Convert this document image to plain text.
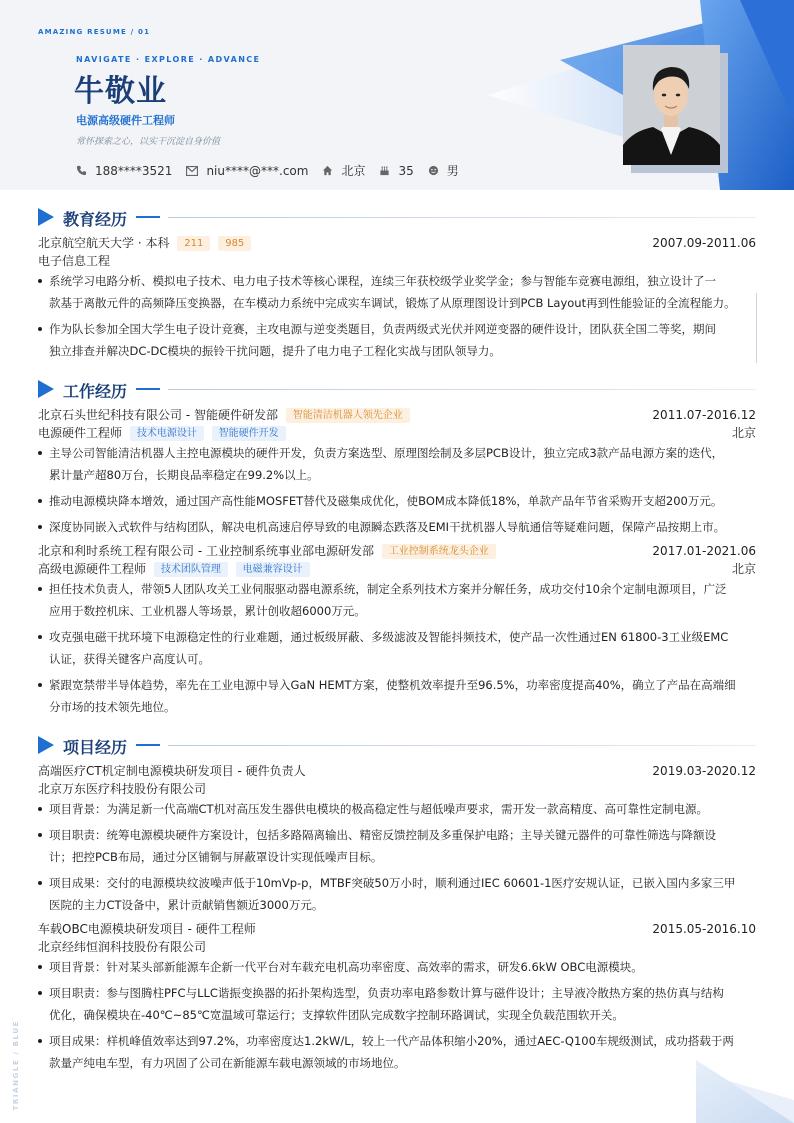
AMAZING RESUME / 01
NAVIGATE · EXPLORE · ADVANCE
牛敬业
电源高级硬件工程师
常怀探索之心，以实干沉淀自身价值
188****3521	niu****@***.com	北京	35	男
教育经历
北京航空航天大学 · 本科 211 985	2007.09-2011.06
电子信息工程
系统学习电路分析、模拟电子技术、电力电子技术等核心课程，连续三年获校级学业奖学金；参与智能车竞赛电源组，独立设计了一
款基于离散元件的高频降压变换器，在车模动力系统中完成实车调试，锻炼了从原理图设计到PCB Layout再到性能验证的全流程能力。
作为队长参加全国大学生电子设计竞赛，主攻电源与逆变类题目，负责两级式光伏并网逆变器的硬件设计，团队获全国二等奖，期间
独立排查并解决DC-DC模块的振铃干扰问题，提升了电力电子工程化实战与团队领导力。
工作经历
北京石头世纪科技有限公司 - 智能硬件研发部 智能清洁机器人领先企业	2011.07-2016.12
电源硬件工程师 技术电源设计 智能硬件开发	北京
主导公司智能清洁机器人主控电源模块的硬件开发，负责方案选型、原理图绘制及多层PCB设计，独立完成3款产品电源方案的迭代，
累计量产超80万台，长期良品率稳定在99.2%以上。
推动电源模块降本增效，通过国产高性能MOSFET替代及磁集成优化，使BOM成本降低18%，单款产品年节省采购开支超200万元。
深度协同嵌入式软件与结构团队，解决电机高速启停导致的电源瞬态跌落及EMI干扰机器人导航通信等疑难问题，保障产品按期上市。
北京和利时系统工程有限公司 - 工业控制系统事业部电源研发部 工业控制系统龙头企业	2017.01-2021.06
高级电源硬件工程师 技术团队管理 电磁兼容设计	北京
担任技术负责人，带领5人团队攻关工业伺服驱动器电源系统，制定全系列技术方案并分解任务，成功交付10余个定制电源项目，广泛
应用于数控机床、工业机器人等场景，累计创收超6000万元。
攻克强电磁干扰环境下电源稳定性的行业难题，通过板级屏蔽、多级滤波及智能抖频技术，使产品一次性通过EN 61800-3工业级EMC
认证，获得关键客户高度认可。
紧跟宽禁带半导体趋势，率先在工业电源中导入GaN HEMT方案，使整机效率提升至96.5%，功率密度提高40%，确立了产品在高端细
分市场的技术领先地位。
项目经历
高端医疗CT机定制电源模块研发项目 - 硬件负责人	2019.03-2020.12
北京万东医疗科技股份有限公司
项目背景：为满足新一代高端CT机对高压发生器供电模块的极高稳定性与超低噪声要求，需开发一款高精度、高可靠性定制电源。
项目职责：统筹电源模块硬件方案设计，包括多路隔离输出、精密反馈控制及多重保护电路；主导关键元器件的可靠性筛选与降额设
计；把控PCB布局，通过分区铺铜与屏蔽罩设计实现低噪声目标。
项目成果：交付的电源模块纹波噪声低于10mVp-p，MTBF突破50万小时，顺利通过IEC 60601-1医疗安规认证，已嵌入国内多家三甲
医院的主力CT设备中，累计贡献销售额近3000万元。
车载OBC电源模块研发项目 - 硬件工程师	2015.05-2016.10
北京经纬恒润科技股份有限公司
项目背景：针对某头部新能源车企新一代平台对车载充电机高功率密度、高效率的需求，研发6.6kW OBC电源模块。
项目职责：参与图腾柱PFC与LLC谐振变换器的拓扑架构选型，负责功率电路参数计算与磁件设计；主导液冷散热方案的热仿真与结构
优化，确保模块在-40℃~85℃宽温域可靠运行；支撑软件团队完成数字控制环路调试，实现全负载范围软开关。
项目成果：样机峰值效率达到97.2%，功率密度达1.2kW/L，较上一代产品体积缩小20%，通过AEC-Q100车规级测试，成功搭载于两
款量产纯电车型，有力巩固了公司在新能源车载电源领域的市场地位。
TRIANGLE / BLUE
